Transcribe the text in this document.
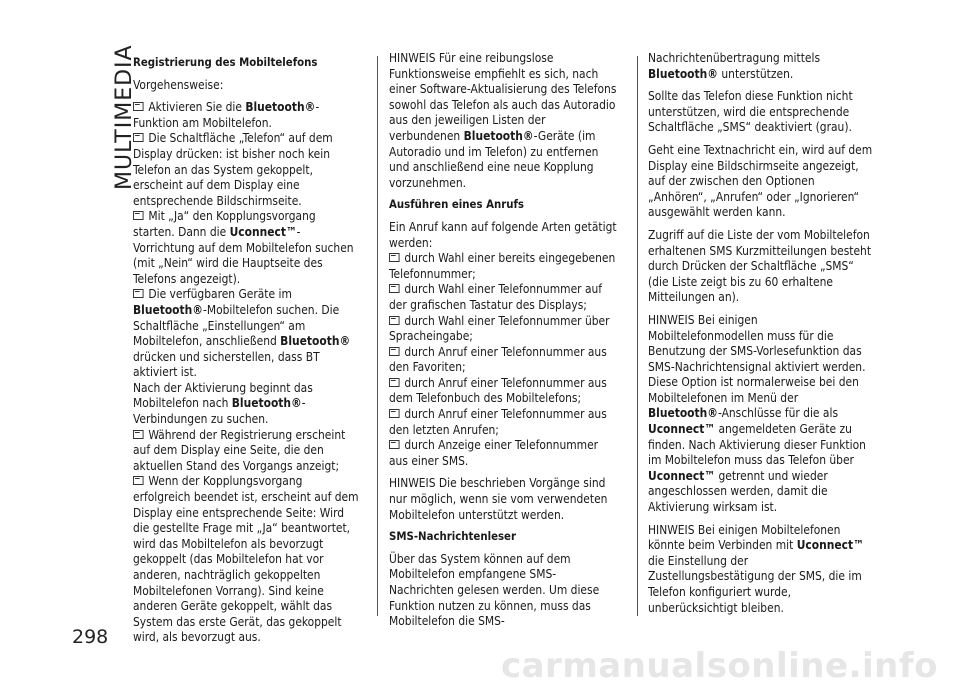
MULTIMEDIA
Registrierung des Mobiltelefons

Vorgehensweise:

Aktivieren Sie die Bluetooth®-Funktion am Mobiltelefon.
Die Schaltfläche „Telefon“ auf dem Display drücken: ist bisher noch kein Telefon an das System gekoppelt, erscheint auf dem Display eine entsprechende Bildschirmseite.
Mit „Ja“ den Kopplungsvorgang starten. Dann die Uconnect™-Vorrichtung auf dem Mobiltelefon suchen (mit „Nein“ wird die Hauptseite des Telefons angezeigt).
Die verfügbaren Geräte im Bluetooth®-Mobiltelefon suchen. Die Schaltfläche „Einstellungen“ am Mobiltelefon, anschließend Bluetooth® drücken und sicherstellen, dass BT aktiviert ist.
Nach der Aktivierung beginnt das Mobiltelefon nach Bluetooth®-Verbindungen zu suchen.
Während der Registrierung erscheint auf dem Display eine Seite, die den aktuellen Stand des Vorgangs anzeigt;
Wenn der Kopplungsvorgang erfolgreich beendet ist, erscheint auf dem Display eine entsprechende Seite: Wird die gestellte Frage mit „Ja“ beantwortet, wird das Mobiltelefon als bevorzugt gekoppelt (das Mobiltelefon hat vor anderen, nachträglich gekoppelten Mobiltelefonen Vorrang). Sind keine anderen Geräte gekoppelt, wählt das System das erste Gerät, das gekoppelt wird, als bevorzugt aus.

HINWEIS Für eine reibungslose Funktionsweise empfiehlt es sich, nach einer Software-Aktualisierung des Telefons sowohl das Telefon als auch das Autoradio aus den jeweiligen Listen der verbundenen Bluetooth®-Geräte (im Autoradio und im Telefon) zu entfernen und anschließend eine neue Kopplung vorzunehmen.

Ausführen eines Anrufs

Ein Anruf kann auf folgende Arten getätigt werden:

durch Wahl einer bereits eingegebenen Telefonnummer;
durch Wahl einer Telefonnummer auf der grafischen Tastatur des Displays;
durch Wahl einer Telefonnummer über Spracheingabe;
durch Anruf einer Telefonnummer aus den Favoriten;
durch Anruf einer Telefonnummer aus dem Telefonbuch des Mobiltelefons;
durch Anruf einer Telefonnummer aus den letzten Anrufen;
durch Anzeige einer Telefonnummer aus einer SMS.

HINWEIS Die beschrieben Vorgänge sind nur möglich, wenn sie vom verwendeten Mobiltelefon unterstützt werden.

SMS-Nachrichtenleser

Über das System können auf dem Mobiltelefon empfangene SMS-Nachrichten gelesen werden. Um diese Funktion nutzen zu können, muss das Mobiltelefon die SMS-

Nachrichtenübertragung mittels Bluetooth® unterstützen.

Sollte das Telefon diese Funktion nicht unterstützen, wird die entsprechende Schaltfläche „SMS“ deaktiviert (grau).

Geht eine Textnachricht ein, wird auf dem Display eine Bildschirmseite angezeigt, auf der zwischen den Optionen „Anhören“, „Anrufen“ oder „Ignorieren“ ausgewählt werden kann.

Zugriff auf die Liste der vom Mobiltelefon erhaltenen SMS Kurzmitteilungen besteht durch Drücken der Schaltfläche „SMS“ (die Liste zeigt bis zu 60 erhaltene Mitteilungen an).

HINWEIS Bei einigen Mobiltelefonmodellen muss für die Benutzung der SMS-Vorlesefunktion das SMS-Nachrichtensignal aktiviert werden. Diese Option ist normalerweise bei den Mobiltelefonen im Menü der Bluetooth®-Anschlüsse für die als Uconnect™ angemeldeten Geräte zu finden. Nach Aktivierung dieser Funktion im Mobiltelefon muss das Telefon über Uconnect™ getrennt und wieder angeschlossen werden, damit die Aktivierung wirksam ist.

HINWEIS Bei einigen Mobiltelefonen könnte beim Verbinden mit Uconnect™ die Einstellung der Zustellungsbestätigung der SMS, die im Telefon konfiguriert wurde, unberücksichtigt bleiben.

298
carmanualsonline.info
